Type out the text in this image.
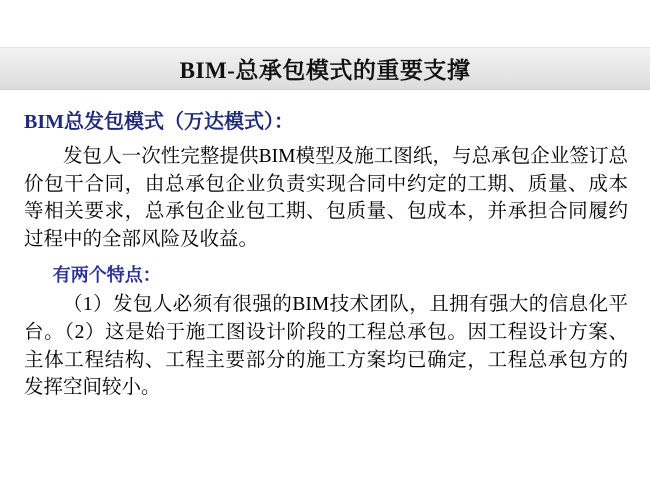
BIM-总承包模式的重要支撑

BIM总发包模式（万达模式）：

发包人一次性完整提供BIM模型及施工图纸，与总承包企业签订总价包干合同，由总承包企业负责实现合同中约定的工期、质量、成本等相关要求，总承包企业包工期、包质量、包成本，并承担合同履约过程中的全部风险及收益。

有两个特点：

（1）发包人必须有很强的BIM技术团队，且拥有强大的信息化平台。（2）这是始于施工图设计阶段的工程总承包。因工程设计方案、主体工程结构、工程主要部分的施工方案均已确定，工程总承包方的发挥空间较小。
